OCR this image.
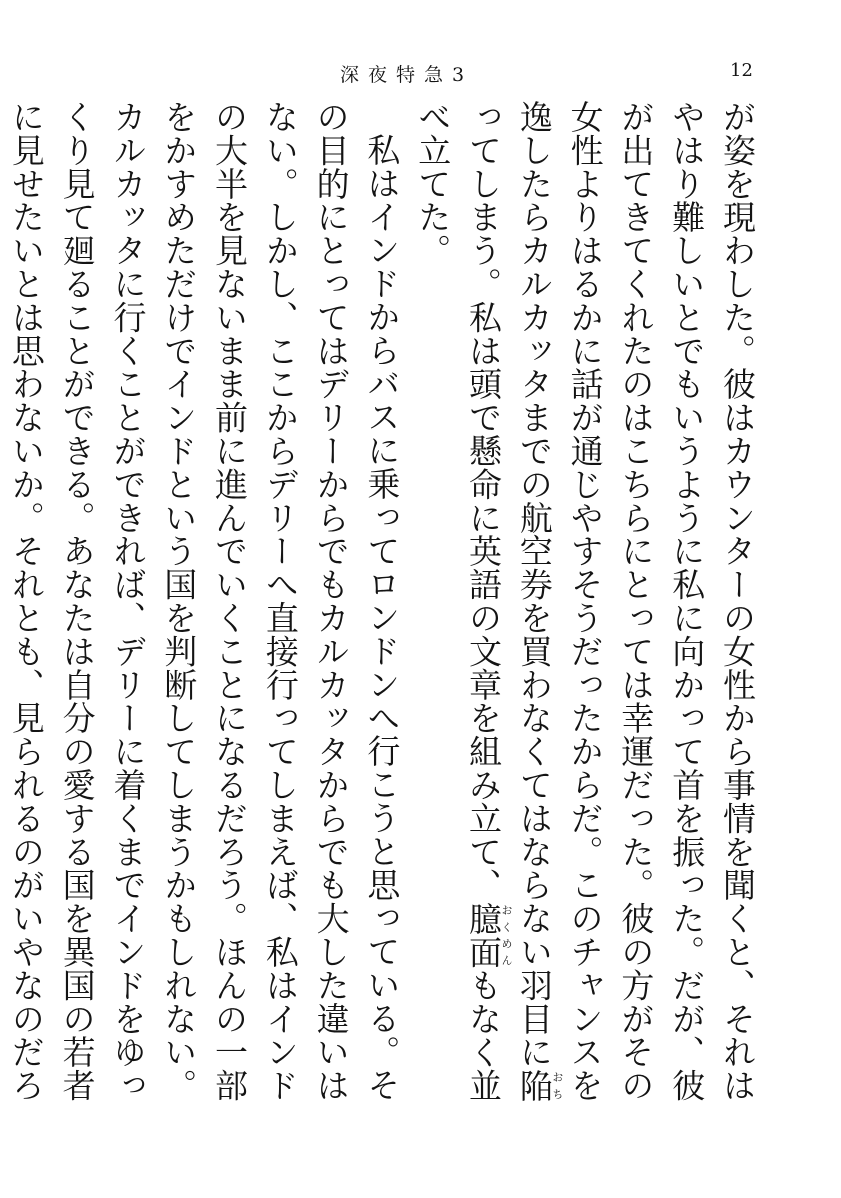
深夜特急3	12

が姿を現わした。彼はカウンターの女性から事情を聞くと、それはやはり難しいとでもいうように私に向かって首を振った。だが、彼が出てきてくれたのはこちらにとっては幸運だった。彼の方がその女性よりはるかに話が通じやすそうだったからだ。このチャンスを逸したらカルカッタまでの航空券を買わなくてはならない羽目に陥おちってしまう。私は頭で懸命に英語の文章を組み立て、臆面おくめんもなく並べ立てた。

私はインドからバスに乗ってロンドンへ行こうと思っている。その目的にとってはデリーからでもカルカッタからでも大した違いはない。しかし、ここからデリーへ直接行ってしまえば、私はインドの大半を見ないまま前に進んでいくことになるだろう。ほんの一部をかすめただけでインドという国を判断してしまうかもしれない。カルカッタに行くことができれば、デリーに着くまでインドをゆっくり見て廻ることができる。あなたは自分の愛する国を異国の若者に見せたいとは思わないか。それとも、見られるのがいやなのだろ
